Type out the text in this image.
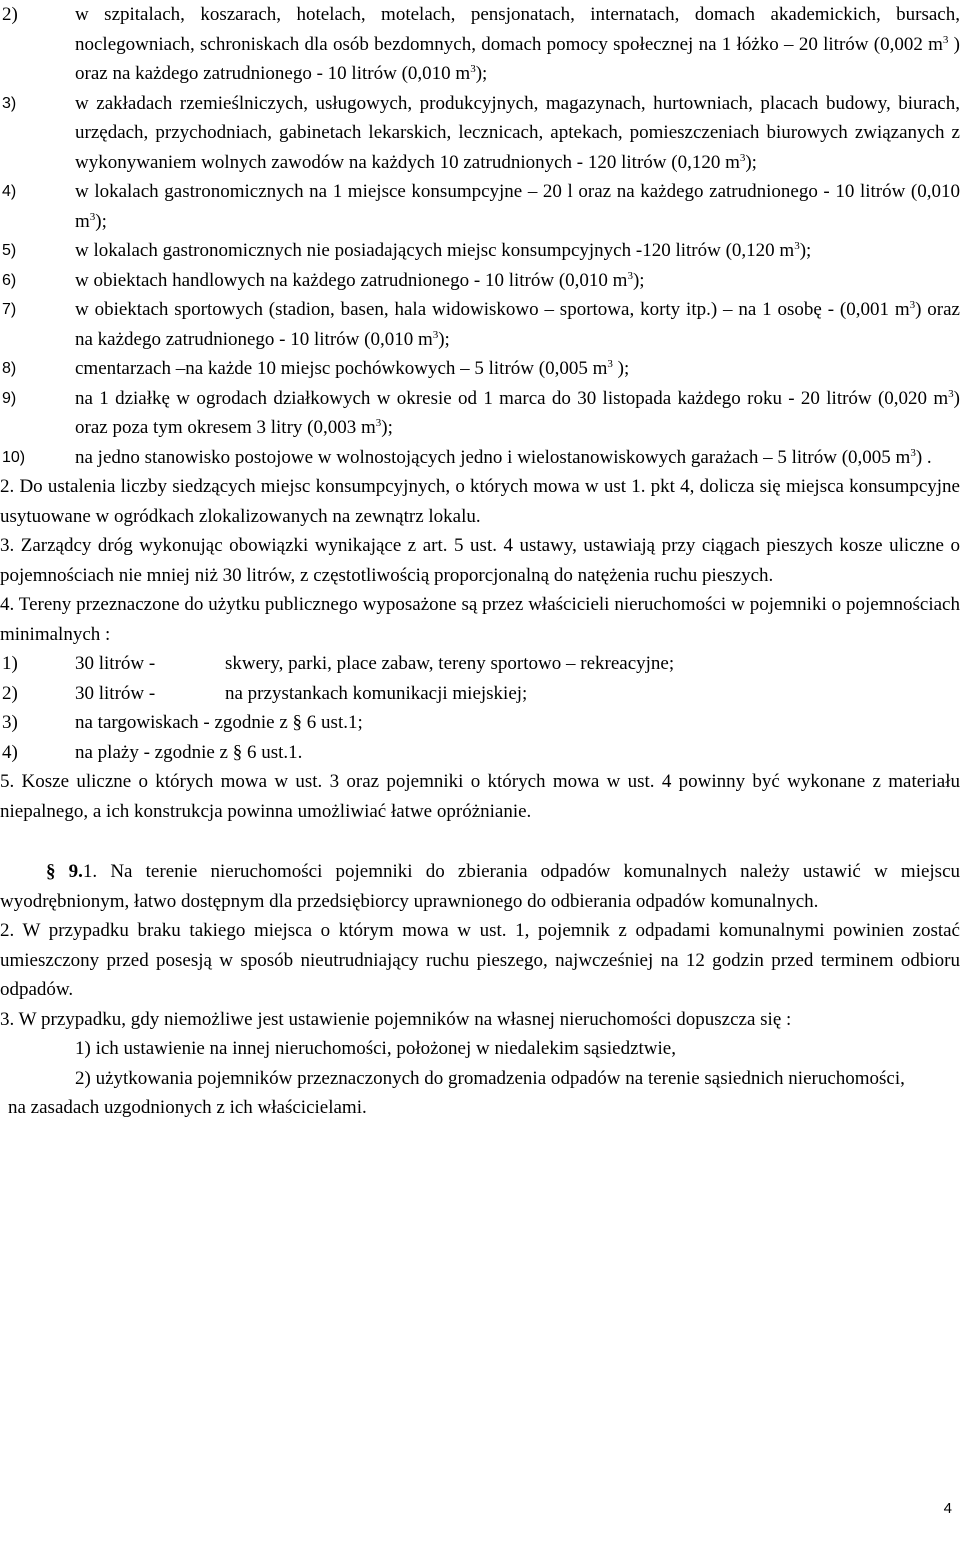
2)	w szpitalach, koszarach, hotelach, motelach, pensjonatach, internatach, domach akademickich, bursach, noclegowniach, schroniskach dla osób bezdomnych, domach pomocy społecznej na 1 łóżko – 20 litrów (0,002 $m^3$ ) oraz na każdego zatrudnionego - 10 litrów (0,010 $m^3$);
3)	w zakładach rzemieślniczych, usługowych, produkcyjnych, magazynach, hurtowniach, placach budowy, biurach, urzędach, przychodniach, gabinetach lekarskich, lecznicach, aptekach, pomieszczeniach biurowych związanych z wykonywaniem wolnych zawodów na każdych 10 zatrudnionych - 120 litrów (0,120 $m^3$);
4)	w lokalach gastronomicznych na 1 miejsce konsumpcyjne – 20 l oraz na każdego zatrudnionego - 10 litrów (0,010 $m^3$);
5)	w lokalach gastronomicznych nie posiadających miejsc konsumpcyjnych -120 litrów (0,120 $m^3$);
6)	w obiektach handlowych na każdego zatrudnionego - 10 litrów (0,010 $m^3$);
7)	w obiektach sportowych (stadion, basen, hala widowiskowo – sportowa, korty itp.) – na 1 osobę - (0,001 $m^3$) oraz na każdego zatrudnionego - 10 litrów (0,010 $m^3$);
8)	cmentarzach –na każde 10 miejsc pochówkowych – 5 litrów (0,005 $m^3$ );
9)	na 1 działkę w ogrodach działkowych w okresie od 1 marca do 30 listopada każdego roku - 20 litrów (0,020 $m^3$) oraz poza tym okresem 3 litry (0,003 $m^3$);
10)	na jedno stanowisko postojowe w wolnostojących jedno i wielostanowiskowych garażach – 5 litrów (0,005 $m^3$) .

2. Do ustalenia liczby siedzących miejsc konsumpcyjnych, o których mowa w ust 1. pkt 4, dolicza się miejsca konsumpcyjne usytuowane w ogródkach zlokalizowanych na zewnątrz lokalu.

3. Zarządcy dróg wykonując obowiązki wynikające z art. 5 ust. 4 ustawy, ustawiają przy ciągach pieszych kosze uliczne o pojemnościach nie mniej niż 30 litrów, z częstotliwością proporcjonalną do natężenia ruchu pieszych.

4. Tereny przeznaczone do użytku publicznego wyposażone są przez właścicieli nieruchomości w pojemniki o pojemnościach minimalnych :

1)	30 litrów -	skwery, parki, place zabaw, tereny sportowo – rekreacyjne;
2)	30 litrów -	na przystankach komunikacji miejskiej;
3)	na targowiskach - zgodnie z § 6 ust.1;
4)	na plaży - zgodnie z § 6 ust.1.

5. Kosze uliczne o których mowa w ust. 3 oraz pojemniki o których mowa w ust. 4 powinny być wykonane z materiału niepalnego, a ich konstrukcja powinna umożliwiać łatwe opróżnianie.

§ 9.1. Na terenie nieruchomości pojemniki do zbierania odpadów komunalnych należy ustawić w miejscu wyodrębnionym, łatwo dostępnym dla przedsiębiorcy uprawnionego do odbierania odpadów komunalnych.

2. W przypadku braku takiego miejsca o którym mowa w ust. 1, pojemnik z odpadami komunalnymi powinien zostać umieszczony przed posesją w sposób nieutrudniający ruchu pieszego, najwcześniej na 12 godzin przed terminem odbioru odpadów.

3. W przypadku, gdy niemożliwe jest ustawienie pojemników na własnej nieruchomości dopuszcza się :

1) ich ustawienie na innej nieruchomości, położonej w niedalekim sąsiedztwie,

2) użytkowania pojemników przeznaczonych do gromadzenia odpadów na terenie sąsiednich nieruchomości,

na zasadach uzgodnionych z ich właścicielami.

4
